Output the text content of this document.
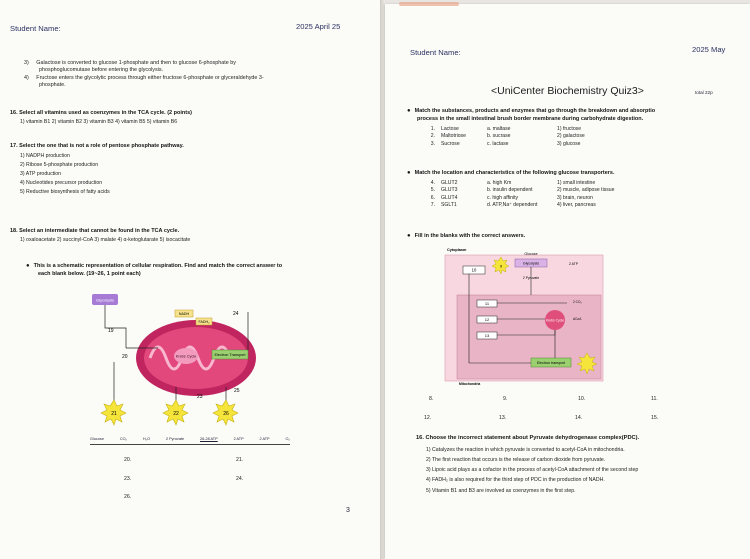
Student Name:	2025 April 25
3) Galactose is converted to glucose 1-phosphate and then to glucose 6-phosphate by
phosphoglucomutase before entering the glycolysis.
4) Fructose enters the glycolytic process through either fructose 6-phosphate or glyceraldehyde 3-
phosphate.
16. Select all vitamins used as coenzymes in the TCA cycle. (2 points)
1) vitamin B1 2) vitamin B2 3) vitamin B3 4) vitamin B5 5) vitamin B6
17. Select the one that is not a role of pentose phosphate pathway.
1) NADPH production
2) Ribose 5-phosphate production
3) ATP production
4) Nucleotides precursor production
5) Reductive biosynthesis of fatty acids
18. Select an intermediate that cannot be found in the TCA cycle.
1) oxaloacetate 2) succinyl-CoA 3) malate 4) α-ketoglutarate 5) isocacitate
● This is a schematic representation of cellular respiration. Find and match the correct answer to
each blank below. (19~26, 1 point each)
Glycolysis
Krebs Cycle
NADH
FADH₂
Electron Transport
19
20
23
24
25
21	22	26
Glucose	CO₂	H₂O	2 Pyruvate	26-28 ATP	2 ATP	2 ATP	O₂
20.	21.
23.	24.
26.
3
Student Name:	2025 May
<UniCenter Biochemistry Quiz3>	total 22p
● Match the substances, products and enzymes that go through the breakdown and absorptio
process in the small intestinal brush border membrane during carbohydrate digestion.
1. Lactose	a. maltase	1) fructose
2. Maltotriose	b. sucrase	2) galactose
3. Sucrose	c. lactase	3) glucose
● Match the location and characteristics of the following glucose transporters.
4. GLUT2	a. high Km	1) small intestine
5. GLUT3	b. insulin dependent	2) muscle, adipose tissue
6. GLUT4	c. high affinity	3) brain, neuron
7. SGLT1	d. ATP,Na⁺ dependent	4) liver, pancreas
● Fill in the blanks with the correct answers.
Cytoplasm
Glucose
Glycolysis
2 Pyruvate
9	2 ATP
10
11
12
13
Krebs Cycle
2 CO₂
ACoA
Electron transport
Mitochondria
8.	9.	10.	11.
12.	13.	14.	15.
16. Choose the incorrect statement about Pyruvate dehydrogenase complex(PDC).
1) Catalyzes the reaction in which pyruvate is converted to acetyl-CoA in mitochondria.
2) The first reaction that occurs is the release of carbon dioxide from pyruvate.
3) Lipoic acid plays as a cofactor in the process of acetyl-CoA attachment of the second step
4) FADH₂ is also required for the third step of PDC in the production of NADH.
5) Vitamin B1 and B3 are involved as coenzymes in the first step.
